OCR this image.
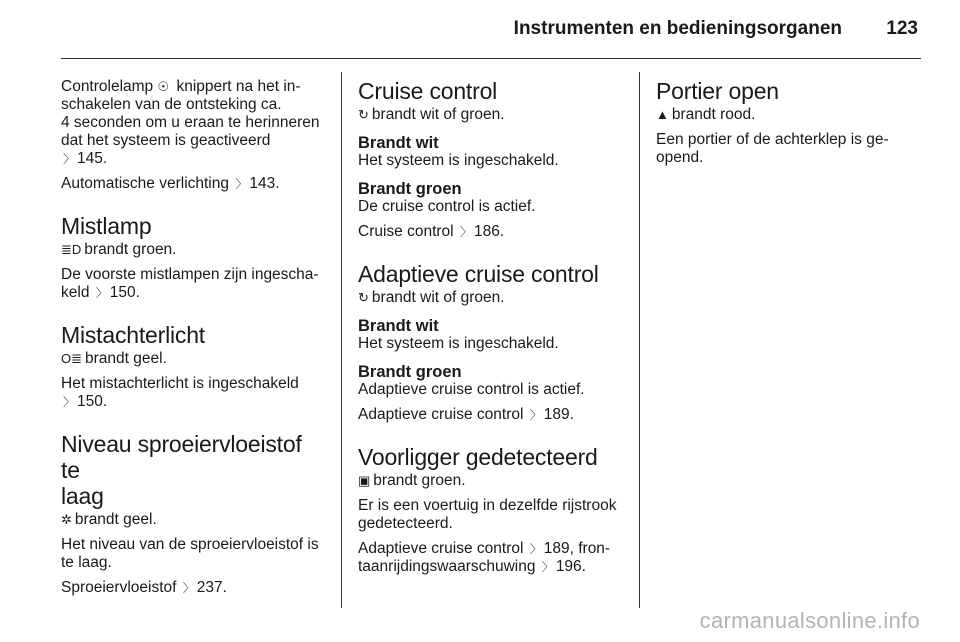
Instrumenten en bedieningsorganen 123

Controlelamp ☉ knippert na het in-
schakelen van de ontsteking ca.
4 seconden om u eraan te herinneren
dat het systeem is geactiveerd
〉 145.

Automatische verlichting 〉 143.

Mistlamp

≣D brandt groen.

De voorste mistlampen zijn ingescha-
keld 〉 150.

Mistachterlicht

O≣ brandt geel.

Het mistachterlicht is ingeschakeld
〉 150.

Niveau sproeiervloeistof te
laag

✲ brandt geel.

Het niveau van de sproeiervloeistof is
te laag.

Sproeiervloeistof 〉 237.

Cruise control

↻ brandt wit of groen.

Brandt wit

Het systeem is ingeschakeld.

Brandt groen

De cruise control is actief.

Cruise control 〉 186.

Adaptieve cruise control

↻ brandt wit of groen.

Brandt wit

Het systeem is ingeschakeld.

Brandt groen

Adaptieve cruise control is actief.

Adaptieve cruise control 〉 189.

Voorligger gedetecteerd

▣ brandt groen.

Er is een voertuig in dezelfde rijstrook
gedetecteerd.

Adaptieve cruise control 〉 189, fron-
taanrijdingswaarschuwing 〉 196.

Portier open

▲ brandt rood.

Een portier of de achterklep is ge-
opend.

carmanualsonline.info
